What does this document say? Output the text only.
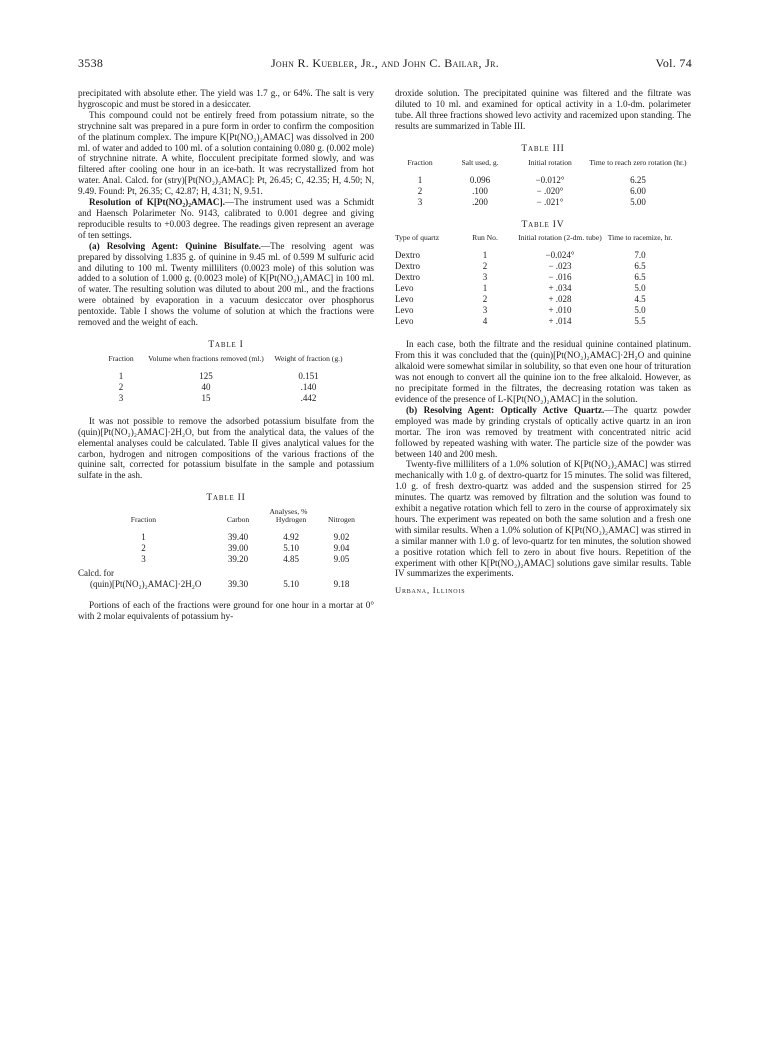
3538	John R. Kuebler, Jr., and John C. Bailar, Jr.	Vol. 74

precipitated with absolute ether. The yield was 1.7 g., or 64%. The salt is very hygroscopic and must be stored in a desiccater.

This compound could not be entirely freed from potassium nitrate, so the strychnine salt was prepared in a pure form in order to confirm the composition of the platinum complex. The impure K[Pt(NO₂)₂AMAC] was dissolved in 200 ml. of water and added to 100 ml. of a solution containing 0.080 g. (0.002 mole) of strychnine nitrate. A white, flocculent precipitate formed slowly, and was filtered after cooling one hour in an ice-bath. It was recrystallized from hot water. Anal. Calcd. for (stry)[Pt(NO₂)₂AMAC]: Pt, 26.45; C, 42.35; H, 4.50; N, 9.49. Found: Pt, 26.35; C, 42.87; H, 4.31; N, 9.51.

Resolution of K[Pt(NO₂)₂AMAC].—The instrument used was a Schmidt and Haensch Polarimeter No. 9143, calibrated to 0.001 degree and giving reproducible results to +0.003 degree. The readings given represent an average of ten settings.

(a) Resolving Agent: Quinine Bisulfate.—The resolving agent was prepared by dissolving 1.835 g. of quinine in 9.45 ml. of 0.599 M sulfuric acid and diluting to 100 ml. Twenty milliliters (0.0023 mole) of this solution was added to a solution of 1.000 g. (0.0023 mole) of K[Pt(NO₂)₂AMAC] in 100 ml. of water. The resulting solution was diluted to about 200 ml., and the fractions were obtained by evaporation in a vacuum desiccator over phosphorus pentoxide. Table I shows the volume of solution at which the fractions were removed and the weight of each.

Table I
Fraction	Volume when fractions removed (ml.)	Weight of fraction (g.)

1	125	0.151
2	40	.140
3	15	.442

It was not possible to remove the adsorbed potassium bisulfate from the (quin)[Pt(NO₂)₂AMAC]·2H₂O, but from the analytical data, the values of the elemental analyses could be calculated. Table II gives analytical values for the carbon, hydrogen and nitrogen compositions of the various fractions of the quinine salt, corrected for potassium bisulfate in the sample and potassium sulfate in the ash.

Table II
	Analyses, %		
Fraction	Carbon	Hydrogen	Nitrogen

1	39.40	4.92	9.02
2	39.00	5.10	9.04
3	39.20	4.85	9.05
Calcd. for			
(quin)[Pt(NO₂)₂AMAC]·2H₂O	39.30	5.10	9.18

Portions of each of the fractions were ground for one hour in a mortar at 0° with 2 molar equivalents of potassium hy-

droxide solution. The precipitated quinine was filtered and the filtrate was diluted to 10 ml. and examined for optical activity in a 1.0-dm. polarimeter tube. All three fractions showed levo activity and racemized upon standing. The results are summarized in Table III.

Table III
Fraction	Salt used, g.	Initial rotation	Time to reach zero rotation (hr.)

1	0.096	−0.012°	6.25
2	.100	− .020°	6.00
3	.200	− .021°	5.00
Table IV
Type of quartz	Run No.	Initial rotation (2-dm. tube)	Time to racemize, hr.

Dextro	1	−0.024°	7.0
Dextro	2	− .023	6.5
Dextro	3	− .016	6.5
Levo	1	+ .034	5.0
Levo	2	+ .028	4.5
Levo	3	+ .010	5.0
Levo	4	+ .014	5.5

In each case, both the filtrate and the residual quinine contained platinum. From this it was concluded that the (quin)[Pt(NO₂)₂AMAC]·2H₂O and quinine alkaloid were somewhat similar in solubility, so that even one hour of trituration was not enough to convert all the quinine ion to the free alkaloid. However, as no precipitate formed in the filtrates, the decreasing rotation was taken as evidence of the presence of L-K[Pt(NO₂)₂AMAC] in the solution.

(b) Resolving Agent: Optically Active Quartz.—The quartz powder employed was made by grinding crystals of optically active quartz in an iron mortar. The iron was removed by treatment with concentrated nitric acid followed by repeated washing with water. The particle size of the powder was between 140 and 200 mesh.

Twenty-five milliliters of a 1.0% solution of K[Pt(NO₂)₂AMAC] was stirred mechanically with 1.0 g. of dextro-quartz for 15 minutes. The solid was filtered, 1.0 g. of fresh dextro-quartz was added and the suspension stirred for 25 minutes. The quartz was removed by filtration and the solution was found to exhibit a negative rotation which fell to zero in the course of approximately six hours. The experiment was repeated on both the same solution and a fresh one with similar results. When a 1.0% solution of K[Pt(NO₂)₂AMAC] was stirred in a similar manner with 1.0 g. of levo-quartz for ten minutes, the solution showed a positive rotation which fell to zero in about five hours. Repetition of the experiment with other K[Pt(NO₂)₂AMAC] solutions gave similar results. Table IV summarizes the experiments.

Urbana, Illinois
